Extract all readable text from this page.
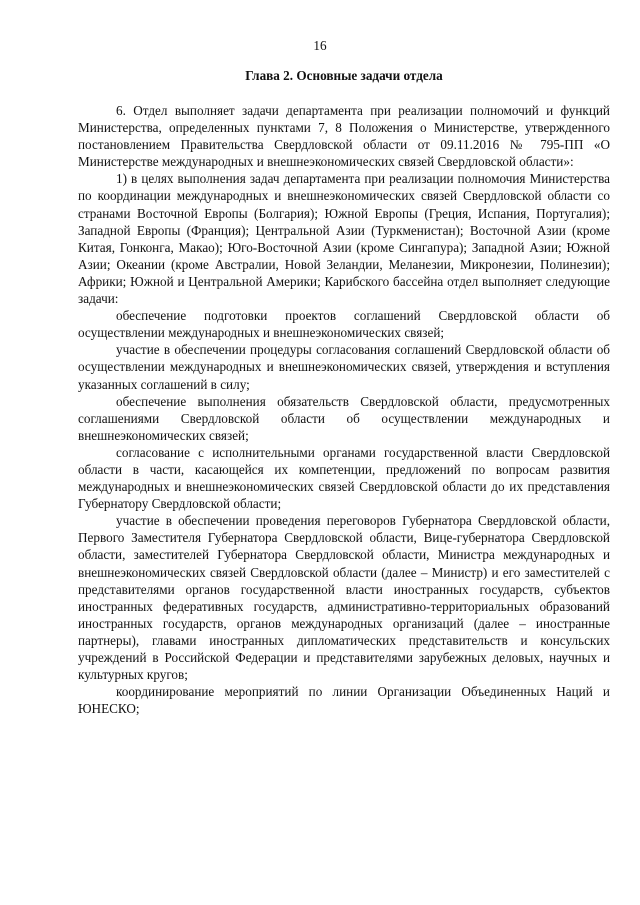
16
Глава 2. Основные задачи отдела

6. Отдел выполняет задачи департамента при реализации полномочий и функций Министерства, определенных пунктами 7, 8 Положения о Министерстве, утвержденного постановлением Правительства Свердловской области от 09.11.2016 № 795-ПП «О Министерстве международных и внешнеэкономических связей Свердловской области»:

1) в целях выполнения задач департамента при реализации полномочия Министерства по координации международных и внешнеэкономических связей Свердловской области со странами Восточной Европы (Болгария); Южной Европы (Греция, Испания, Португалия); Западной Европы (Франция); Центральной Азии (Туркменистан); Восточной Азии (кроме Китая, Гонконга, Макао); Юго-Восточной Азии (кроме Сингапура); Западной Азии; Южной Азии; Океании (кроме Австралии, Новой Зеландии, Меланезии, Микронезии, Полинезии); Африки; Южной и Центральной Америки; Карибского бассейна отдел выполняет следующие задачи:

обеспечение подготовки проектов соглашений Свердловской области об осуществлении международных и внешнеэкономических связей;

участие в обеспечении процедуры согласования соглашений Свердловской области об осуществлении международных и внешнеэкономических связей, утверждения и вступления указанных соглашений в силу;

обеспечение выполнения обязательств Свердловской области, предусмотренных соглашениями Свердловской области об осуществлении международных и внешнеэкономических связей;

согласование с исполнительными органами государственной власти Свердловской области в части, касающейся их компетенции, предложений по вопросам развития международных и внешнеэкономических связей Свердловской области до их представления Губернатору Свердловской области;

участие в обеспечении проведения переговоров Губернатора Свердловской области, Первого Заместителя Губернатора Свердловской области, Вице-губернатора Свердловской области, заместителей Губернатора Свердловской области, Министра международных и внешнеэкономических связей Свердловской области (далее – Министр) и его заместителей с представителями органов государственной власти иностранных государств, субъектов иностранных федеративных государств, административно-территориальных образований иностранных государств, органов международных организаций (далее – иностранные партнеры), главами иностранных дипломатических представительств и консульских учреждений в Российской Федерации и представителями зарубежных деловых, научных и культурных кругов;

координирование мероприятий по линии Организации Объединенных Наций и ЮНЕСКО;
